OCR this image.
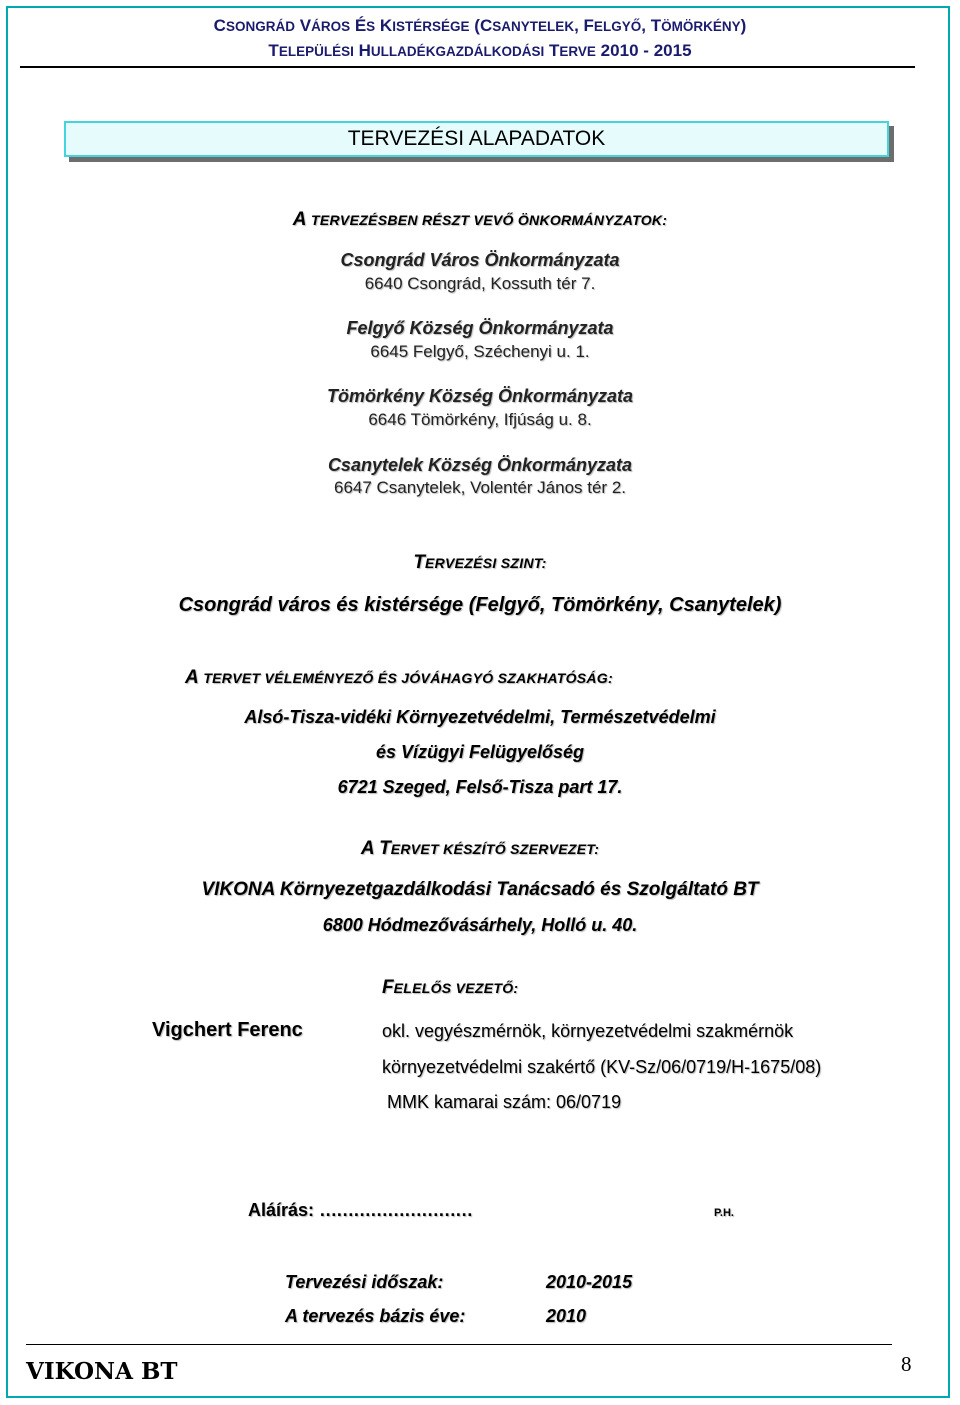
CSONGRÁD VÁROS ÉS KISTÉRSÉGE (CSANYTELEK, FELGYŐ, TÖMÖRKÉNY)
TELEPÜLÉSI HULLADÉKGAZDÁLKODÁSI TERVE 2010 - 2015
TERVEZÉSI ALAPADATOK
A TERVEZÉSBEN RÉSZT VEVŐ ÖNKORMÁNYZATOK:
Csongrád Város Önkormányzata
6640 Csongrád, Kossuth tér 7.
Felgyő Község Önkormányzata
6645 Felgyő, Széchenyi u. 1.
Tömörkény Község Önkormányzata
6646 Tömörkény, Ifjúság u. 8.
Csanytelek Község Önkormányzata
6647 Csanytelek, Volentér János tér 2.
TERVEZÉSI SZINT:
Csongrád város és kistérsége (Felgyő, Tömörkény, Csanytelek)
A TERVET VÉLEMÉNYEZŐ ÉS JÓVÁHAGYÓ SZAKHATÓSÁG:
Alsó-Tisza-vidéki Környezetvédelmi, Természetvédelmi
és Vízügyi Felügyelőség
6721 Szeged, Felső-Tisza part 17.
A TERVET KÉSZÍTŐ SZERVEZET:
VIKONA Környezetgazdálkodási Tanácsadó és Szolgáltató BT
6800 Hódmezővásárhely, Holló u. 40.
FELELŐS VEZETŐ:
Vigchert Ferenc	okl. vegyészmérnök, környezetvédelmi szakmérnök
környezetvédelmi szakértő (KV-Sz/06/0719/H-1675/08)
MMK kamarai szám: 06/0719
Aláírás: ………………………	P.H.
Tervezési időszak:	2010-2015
A tervezés bázis éve:	2010
VIKONA BT	8
